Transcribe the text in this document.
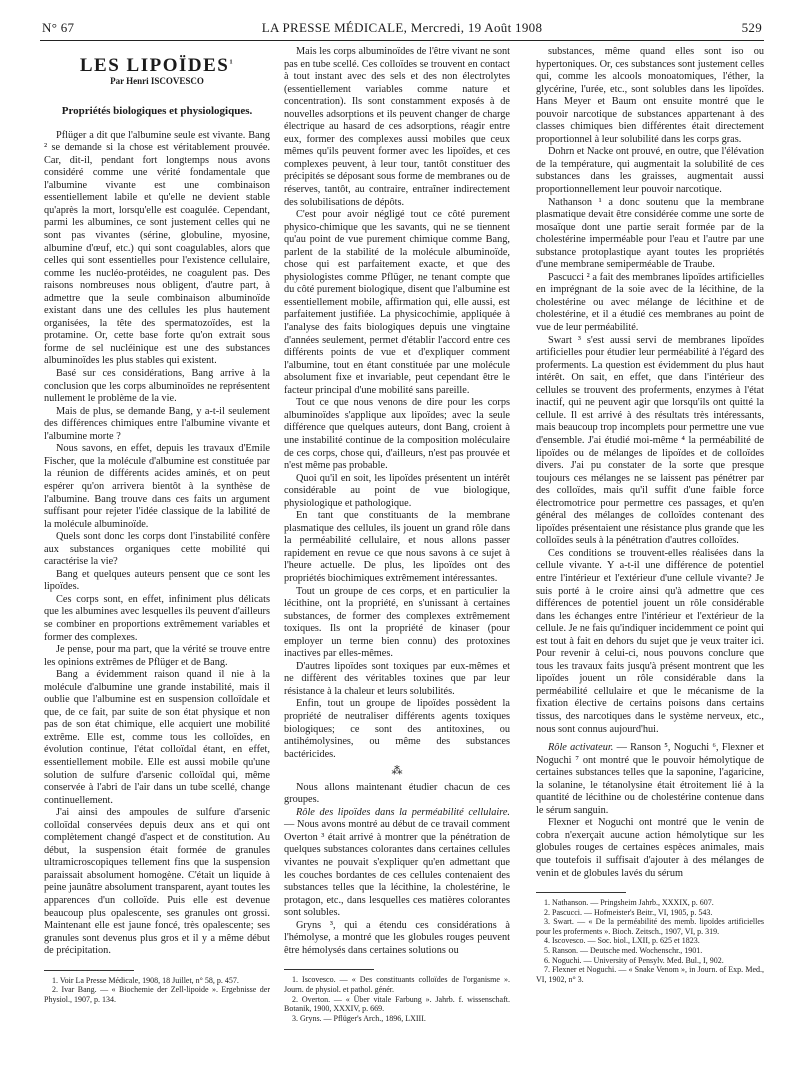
N° 67	LA PRESSE MÉDICALE, Mercredi, 19 Août 1908	529
LES LIPOÏDES$^1$
Par Henri ISCOVESCO
Propriétés biologiques et physiologiques.

Pflüger a dit que l'albumine seule est vivante. Bang ² se demande si la chose est véritablement prouvée. Car, dit-il, pendant fort longtemps nous avons considéré comme une vérité fondamentale que l'albumine vivante est une combinaison essentiellement labile et qu'elle ne devient stable qu'après la mort, lorsqu'elle est coagulée. Cependant, parmi les albumines, ce sont justement celles qui ne sont pas vivantes (sérine, globuline, myosine, albumine d'œuf, etc.) qui sont coagulables, alors que celles qui sont essentielles pour l'existence cellulaire, comme les nucléo-protéides, ne coagulent pas. Des raisons nombreuses nous obligent, d'autre part, à admettre que la seule combinaison albuminoïde existant dans une des cellules les plus hautement organisées, la tête des spermatozoïdes, est la protamine. Or, cette base forte qu'on extrait sous forme de sel nucléinique est une des substances albuminoïdes les plus stables qui existent.

Basé sur ces considérations, Bang arrive à la conclusion que les corps albuminoïdes ne représentent nullement le problème de la vie.

Mais de plus, se demande Bang, y a-t-il seulement des différences chimiques entre l'albumine vivante et l'albumine morte ?

Nous savons, en effet, depuis les travaux d'Emile Fischer, que la molécule d'albumine est constituée par la réunion de différents acides aminés, et on peut espérer qu'on arrivera bientôt à la synthèse de l'albumine. Bang trouve dans ces faits un argument suffisant pour rejeter l'idée classique de la labilité de la molécule albuminoïde.

Quels sont donc les corps dont l'instabilité confère aux substances organiques cette mobilité qui caractérise la vie?

Bang et quelques auteurs pensent que ce sont les lipoïdes.

Ces corps sont, en effet, infiniment plus délicats que les albumines avec lesquelles ils peuvent d'ailleurs se combiner en proportions extrêmement variables et former des complexes.

Je pense, pour ma part, que la vérité se trouve entre les opinions extrêmes de Pflüger et de Bang.

Bang a évidemment raison quand il nie à la molécule d'albumine une grande instabilité, mais il oublie que l'albumine est en suspension colloïdale et que, de ce fait, par suite de son état physique et non pas de son état chimique, elle acquiert une mobilité extrême. Elle est, comme tous les colloïdes, en évolution continue, l'état colloïdal étant, en effet, essentiellement mobile. Elle est aussi mobile qu'une solution de sulfure d'arsenic colloïdal qui, même conservée à l'abri de l'air dans un tube scellé, change continuellement.

J'ai ainsi des ampoules de sulfure d'arsenic colloïdal conservées depuis deux ans et qui ont complètement changé d'aspect et de constitution. Au début, la suspension était formée de granules ultramicroscopiques tellement fins que la suspension paraissait absolument homogène. C'était un liquide à peine jaunâtre absolument transparent, ayant toutes les apparences d'un colloïde. Puis elle est devenue beaucoup plus opalescente, ses granules ont grossi. Maintenant elle est jaune foncé, très opalescente; ses granules sont devenus plus gros et il y a même début de précipitation.

1. Voir La Presse Médicale, 1908, 18 Juillet, n° 58, p. 457.

2. Ivar Bang. — « Biochemie der Zell-lipoide ». Ergebnisse der Physiol., 1907, p. 134.

Mais les corps albuminoïdes de l'être vivant ne sont pas en tube scellé. Ces colloïdes se trouvent en contact à tout instant avec des sels et des non électrolytes (essentiellement variables comme nature et concentration). Ils sont constamment exposés à de nouvelles adsorptions et ils peuvent changer de charge électrique au hasard de ces adsorptions, réagir entre eux, former des complexes aussi mobiles que ceux mêmes qu'ils peuvent former avec les lipoïdes, et ces complexes peuvent, à leur tour, tantôt constituer des précipités se déposant sous forme de membranes ou de réserves, tantôt, au contraire, entraîner indirectement des solubilisations de dépôts.

C'est pour avoir négligé tout ce côté purement physico-chimique que les savants, qui ne se tiennent qu'au point de vue purement chimique comme Bang, parlent de la stabilité de la molécule albuminoïde, chose qui est parfaitement exacte, et que des physiologistes comme Pflüger, ne tenant compte que du côté purement biologique, disent que l'albumine est essentiellement mobile, affirmation qui, elle aussi, est parfaitement justifiée. La physicochimie, appliquée à l'analyse des faits biologiques depuis une vingtaine d'années seulement, permet d'établir l'accord entre ces différents points de vue et d'expliquer comment l'albumine, tout en étant constituée par une molécule absolument fixe et invariable, peut cependant être le facteur principal d'une mobilité sans pareille.

Tout ce que nous venons de dire pour les corps albuminoïdes s'applique aux lipoïdes; avec la seule différence que quelques auteurs, dont Bang, croient à une instabilité continue de la composition moléculaire de ces corps, chose qui, d'ailleurs, n'est pas prouvée et n'est même pas probable.

Quoi qu'il en soit, les lipoïdes présentent un intérêt considérable au point de vue biologique, physiologique et pathologique.

En tant que constituants de la membrane plasmatique des cellules, ils jouent un grand rôle dans la perméabilité cellulaire, et nous allons passer rapidement en revue ce que nous savons à ce sujet à l'heure actuelle. De plus, les lipoïdes ont des propriétés biochimiques extrêmement intéressantes.

Tout un groupe de ces corps, et en particulier la lécithine, ont la propriété, en s'unissant à certaines substances, de former des complexes extrêmement toxiques. Ils ont la propriété de kinaser (pour employer un terme bien connu) des protoxines inactives par elles-mêmes.

D'autres lipoïdes sont toxiques par eux-mêmes et ne diffèrent des véritables toxines que par leur résistance à la chaleur et leurs solubilités.

Enfin, tout un groupe de lipoïdes possèdent la propriété de neutraliser différents agents toxiques biologiques; ce sont des antitoxines, ou antihémolysines, ou même des substances bactéricides.

⁂

Nous allons maintenant étudier chacun de ces groupes.

Rôle des lipoïdes dans la perméabilité cellulaire. — Nous avons montré au début de ce travail comment Overton ³ était arrivé à montrer que la pénétration de quelques substances colorantes dans certaines cellules vivantes ne pouvait s'expliquer qu'en admettant que les couches bordantes de ces cellules contenaient des substances telles que la lécithine, la cholestérine, le protagon, etc., dans lesquelles ces matières colorantes sont solubles.

Gryns ³, qui a étendu ces considérations à l'hémolyse, a montré que les globules rouges peuvent être hémolysés dans certaines solutions ou

1. Iscovesco. — « Des constituants colloïdes de l'organisme ». Journ. de physiol. et pathol. génér.

2. Overton. — « Über vitale Farbung ». Jahrb. f. wissenschaft. Botanik, 1900, XXXIV, p. 669.

3. Gryns. — Pflüger's Arch., 1896, LXIII.

substances, même quand elles sont iso ou hypertoniques. Or, ces substances sont justement celles qui, comme les alcools monoatomiques, l'éther, la glycérine, l'urée, etc., sont solubles dans les lipoïdes. Hans Meyer et Baum ont ensuite montré que le pouvoir narcotique de substances appartenant à des classes chimiques bien différentes était directement proportionnel à leur solubilité dans les corps gras.

Dohrn et Nacke ont prouvé, en outre, que l'élévation de la température, qui augmentait la solubilité de ces substances dans les graisses, augmentait aussi proportionnellement leur pouvoir narcotique.

Nathanson ¹ a donc soutenu que la membrane plasmatique devait être considérée comme une sorte de mosaïque dont une partie serait formée par de la cholestérine imperméable pour l'eau et l'autre par une substance protoplastique ayant toutes les propriétés d'une membrane semiperméable de Traube.

Pascucci ² a fait des membranes lipoïdes artificielles en imprégnant de la soie avec de la lécithine, de la cholestérine ou avec mélange de lécithine et de cholestérine, et il a étudié ces membranes au point de vue de leur perméabilité.

Swart ³ s'est aussi servi de membranes lipoïdes artificielles pour étudier leur perméabilité à l'égard des proferments. La question est évidemment du plus haut intérêt. On sait, en effet, que dans l'intérieur des cellules se trouvent des proferments, enzymes à l'état inactif, qui ne peuvent agir que lorsqu'ils ont quitté la cellule. Il est arrivé à des résultats très intéressants, mais beaucoup trop incomplets pour permettre une vue d'ensemble. J'ai étudié moi-même ⁴ la perméabilité de lipoïdes ou de mélanges de lipoïdes et de colloïdes divers. J'ai pu constater de la sorte que presque toujours ces mélanges ne se laissent pas pénétrer par des colloïdes, mais qu'il suffit d'une faible force électromotrice pour permettre ces passages, et qu'en général des mélanges de colloïdes contenant des lipoïdes présentaient une résistance plus grande que les colloïdes seuls à la pénétration d'autres colloïdes.

Ces conditions se trouvent-elles réalisées dans la cellule vivante. Y a-t-il une différence de potentiel entre l'intérieur et l'extérieur d'une cellule vivante? Je suis porté à le croire ainsi qu'à admettre que ces différences de potentiel jouent un rôle considérable dans les échanges entre l'intérieur et l'extérieur de la cellule. Je ne fais qu'indiquer incidemment ce point qui est tout à fait en dehors du sujet que je veux traiter ici. Pour revenir à celui-ci, nous pouvons conclure que tous les travaux faits jusqu'à présent montrent que les lipoïdes jouent un rôle considérable dans la perméabilité cellulaire et que le mécanisme de la fixation élective de certains poisons dans certains tissus, des narcotiques dans le système nerveux, etc., nous sont connus aujourd'hui.

Rôle activateur. — Ranson ⁵, Noguchi ⁶, Flexner et Noguchi ⁷ ont montré que le pouvoir hémolytique de certaines substances telles que la saponine, l'agaricine, la solanine, le tétanolysine était étroitement lié à la quantité de lécithine ou de cholestérine contenue dans le sérum sanguin.

Flexner et Noguchi ont montré que le venin de cobra n'exerçait aucune action hémolytique sur les globules rouges de certaines espèces animales, mais que toutefois il suffisait d'ajouter à des mélanges de venin et de globules lavés du sérum

1. Nathanson. — Pringsheim Jahrb., XXXIX, p. 607.

2. Pascucci. — Hofmeister's Beitr., VI, 1905, p. 543.

3. Swart. — « De la perméabilité des memb. lipoïdes artificielles pour les proferments ». Bioch. Zeitsch., 1907, VI, p. 319.

4. Iscovesco. — Soc. biol., LXII, p. 625 et 1823.

5. Ranson. — Deutsche med. Wochenschr., 1901.

6. Noguchi. — University of Pensylv. Med. Bul., I, 902.

7. Flexner et Noguchi. — « Snake Venom », in Journ. of Exp. Med., VI, 1902, n° 3.
